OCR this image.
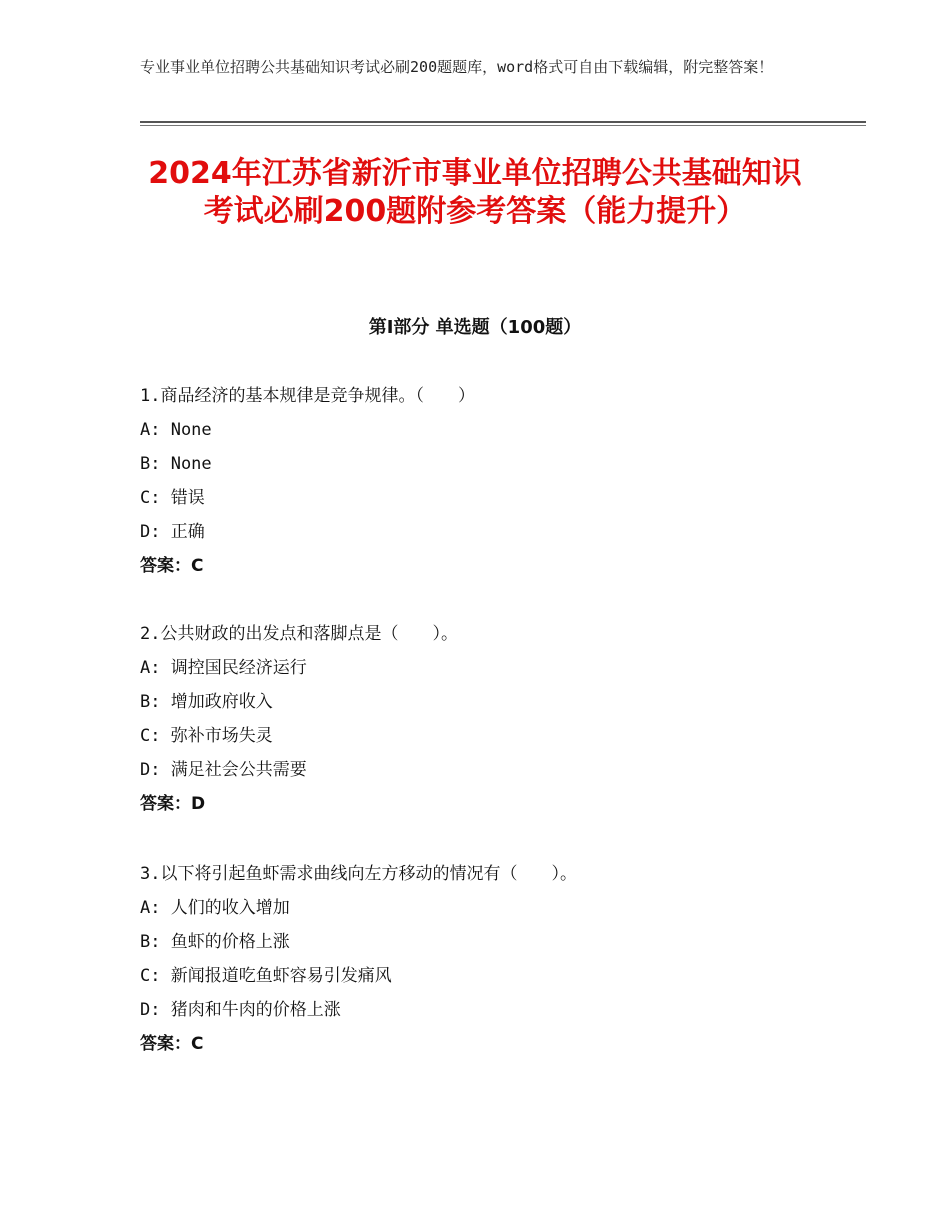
专业事业单位招聘公共基础知识考试必刷200题题库，word格式可自由下载编辑，附完整答案！
2024年江苏省新沂市事业单位招聘公共基础知识考试必刷200题附参考答案（能力提升）
第Ⅰ部分 单选题（100题）
1.商品经济的基本规律是竞争规律。（　　）
A: None
B: None
C: 错误
D: 正确
答案：C
2.公共财政的出发点和落脚点是（　　）。
A: 调控国民经济运行
B: 增加政府收入
C: 弥补市场失灵
D: 满足社会公共需要
答案：D
3.以下将引起鱼虾需求曲线向左方移动的情况有（　　）。
A: 人们的收入增加
B: 鱼虾的价格上涨
C: 新闻报道吃鱼虾容易引发痛风
D: 猪肉和牛肉的价格上涨
答案：C
